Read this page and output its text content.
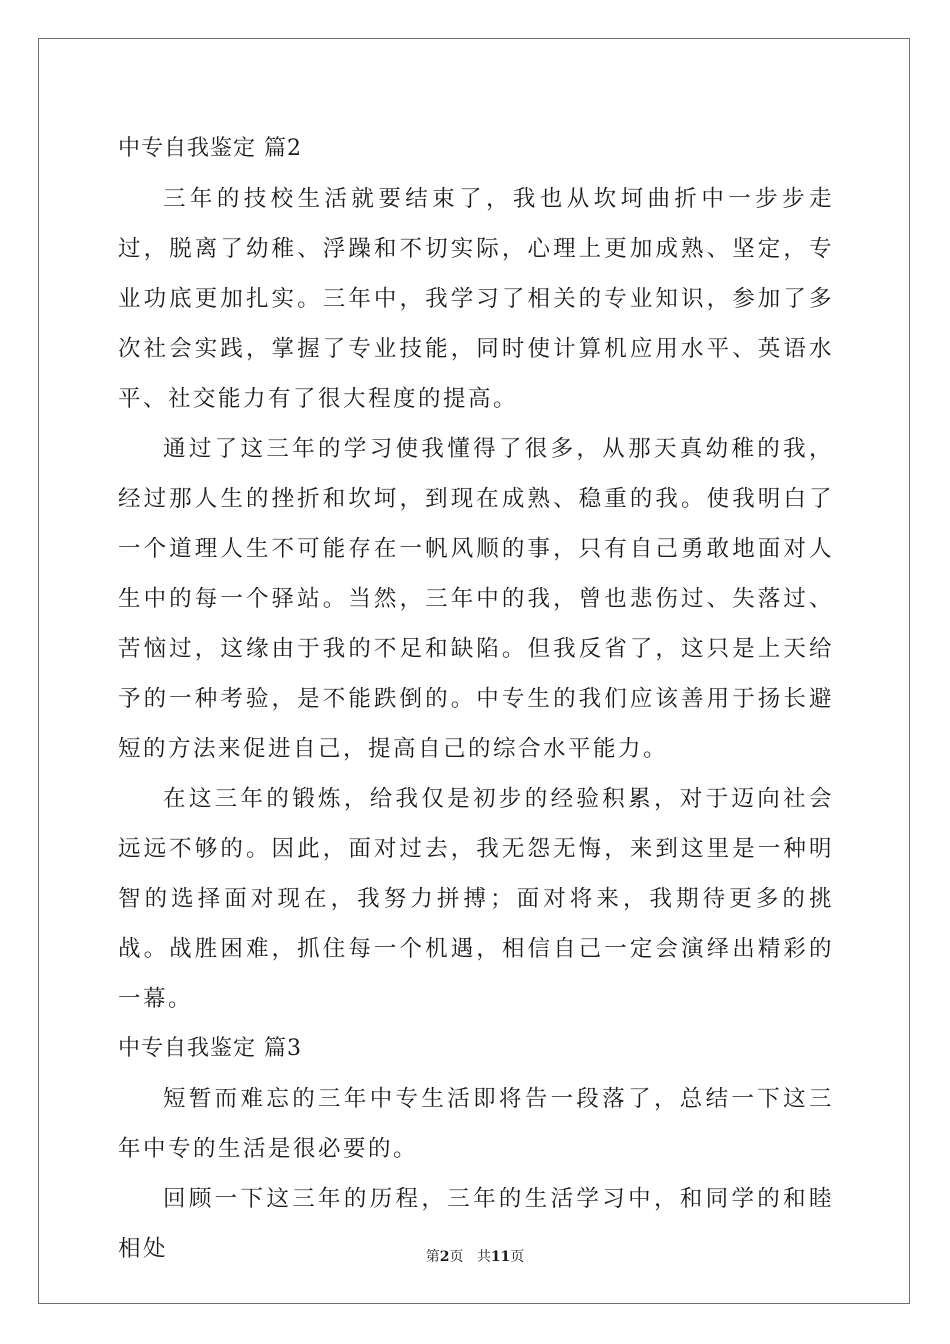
中专自我鉴定 篇2

三年的技校生活就要结束了，我也从坎坷曲折中一步步走过，脱离了幼稚、浮躁和不切实际，心理上更加成熟、坚定，专业功底更加扎实。三年中，我学习了相关的专业知识，参加了多次社会实践，掌握了专业技能，同时使计算机应用水平、英语水平、社交能力有了很大程度的提高。

通过了这三年的学习使我懂得了很多，从那天真幼稚的我，经过那人生的挫折和坎坷，到现在成熟、稳重的我。使我明白了一个道理人生不可能存在一帆风顺的事，只有自己勇敢地面对人生中的每一个驿站。当然，三年中的我，曾也悲伤过、失落过、苦恼过，这缘由于我的不足和缺陷。但我反省了，这只是上天给予的一种考验，是不能跌倒的。中专生的我们应该善用于扬长避短的方法来促进自己，提高自己的综合水平能力。

在这三年的锻炼，给我仅是初步的经验积累，对于迈向社会远远不够的。因此，面对过去，我无怨无悔，来到这里是一种明智的选择面对现在，我努力拼搏；面对将来，我期待更多的挑战。战胜困难，抓住每一个机遇，相信自己一定会演绎出精彩的一幕。

中专自我鉴定 篇3

短暂而难忘的三年中专生活即将告一段落了，总结一下这三年中专的生活是很必要的。

回顾一下这三年的历程，三年的生活学习中，和同学的和睦相处	第2页 共11页
